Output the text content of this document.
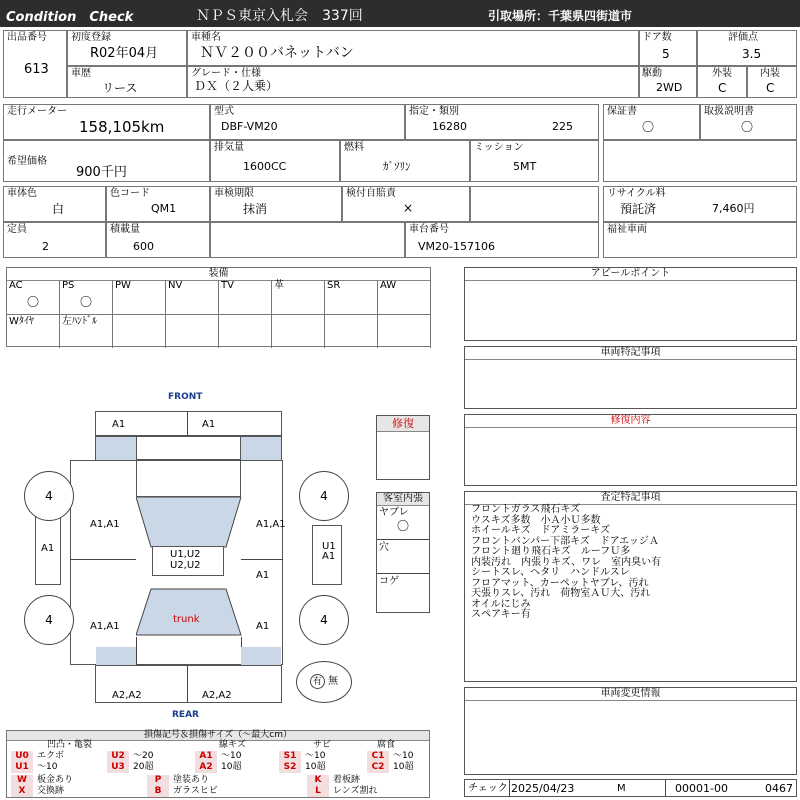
Condition　Check	ＮＰＳ東京入札会　337回	引取場所：千葉県四街道市
出品番号
613
初度登録
R02年04月
車種名
ＮＶ２００バネットバン
ドア数
5
評価点
3.5
車歴
リース
グレード・仕様
ＤＸ（２人乗）
駆動
2WD
外装
C
内装
C
走行メーター
158,105km
型式
DBF-VM20
指定・類別
16280	225
保証書
〇
取扱説明書
〇
希望価格
900千円
排気量
1600CC
燃料
ｶﾞｿﾘﾝ
ミッション
5MT
車体色
白
色コード
QM1
車検期限
抹消
検付自賠責
×
リサイクル料
預託済	7,460円
定員
2
積載量
600
車台番号
VM20-157106
福祉車両
装備
AC
〇
PS
〇
PW	NV	TV	革	SR	AW
Wﾀｲﾔ	左ﾊﾝﾄﾞﾙ
アピールポイント
車両特記事項
修復内容
査定特記事項
フロントガラス飛石キズ
ウスキズ多数　小Ａ小Ｕ多数
ホイールキズ　ドアミラーキズ
フロントバンパー下部キズ　ドアエッジＡ
フロント廻り飛石キズ　ルーフＵ多
内装汚れ　内張りキズ、ワレ　室内臭い有
シートスレ、ヘタリ　ハンドルスレ
フロアマット、カーペットヤブレ、汚れ
天張りスレ、汚れ　荷物室ＡＵ大、汚れ
オイルにじみ
スペアキー有
車両変更情報
チェック 2025/04/23	M	00001-00	0467
FRONT
REAR
A1	A1
U1,U2
U2,U2
A1,A1	A1,A1
A1,A1
A1
A1
trunk
A1	U1
A1
A2,A2	A2,A2
4	4
4	4
有 無
修復
客室内張
ヤブレ
〇
穴
コゲ
損傷記号＆損傷サイズ（～最大cm）
凹凸・亀裂	線キズ	サビ	腐食
U0 エクボ	U2 ～20	A1 ～10	S1 ～10	C1 ～10
U1 ～10	U3 20超	A2 10超	S2 10超	C2 10超
W	板金あり	P	塗装あり	K	着板跡
X	交換跡	B	ガラスヒビ	L	レンズ割れ
